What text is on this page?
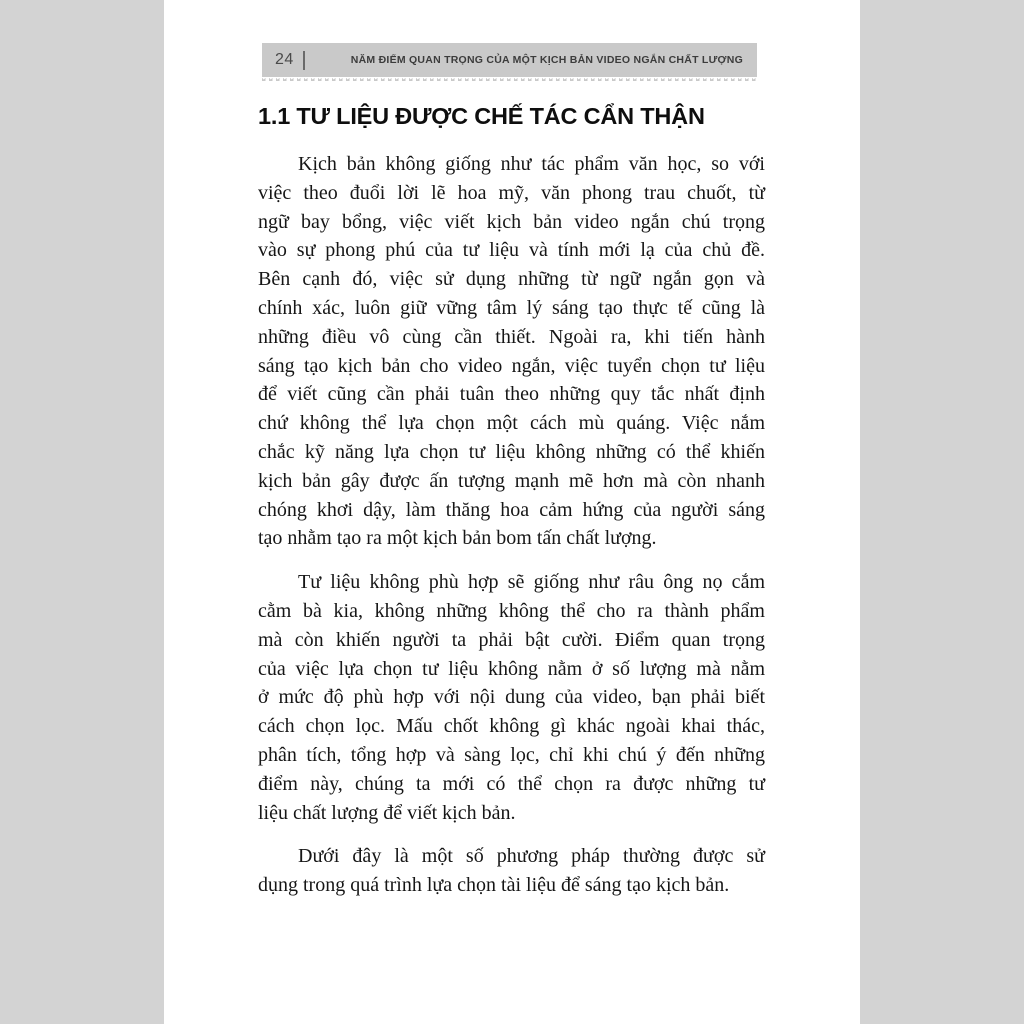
24	NĂM ĐIỂM QUAN TRỌNG CỦA MỘT KỊCH BẢN VIDEO NGẮN CHẤT LƯỢNG
1.1 TƯ LIỆU ĐƯỢC CHẾ TÁC CẨN THẬN
Kịch bản không giống như tác phẩm văn học, so với
việc theo đuổi lời lẽ hoa mỹ, văn phong trau chuốt, từ
ngữ bay bổng, việc viết kịch bản video ngắn chú trọng
vào sự phong phú của tư liệu và tính mới lạ của chủ đề.
Bên cạnh đó, việc sử dụng những từ ngữ ngắn gọn và
chính xác, luôn giữ vững tâm lý sáng tạo thực tế cũng là
những điều vô cùng cần thiết. Ngoài ra, khi tiến hành
sáng tạo kịch bản cho video ngắn, việc tuyển chọn tư liệu
để viết cũng cần phải tuân theo những quy tắc nhất định
chứ không thể lựa chọn một cách mù quáng. Việc nắm
chắc kỹ năng lựa chọn tư liệu không những có thể khiến
kịch bản gây được ấn tượng mạnh mẽ hơn mà còn nhanh
chóng khơi dậy, làm thăng hoa cảm hứng của người sáng
tạo nhằm tạo ra một kịch bản bom tấn chất lượng.
Tư liệu không phù hợp sẽ giống như râu ông nọ cắm
cằm bà kia, không những không thể cho ra thành phẩm
mà còn khiến người ta phải bật cười. Điểm quan trọng
của việc lựa chọn tư liệu không nằm ở số lượng mà nằm
ở mức độ phù hợp với nội dung của video, bạn phải biết
cách chọn lọc. Mấu chốt không gì khác ngoài khai thác,
phân tích, tổng hợp và sàng lọc, chỉ khi chú ý đến những
điểm này, chúng ta mới có thể chọn ra được những tư
liệu chất lượng để viết kịch bản.
Dưới đây là một số phương pháp thường được sử
dụng trong quá trình lựa chọn tài liệu để sáng tạo kịch bản.
